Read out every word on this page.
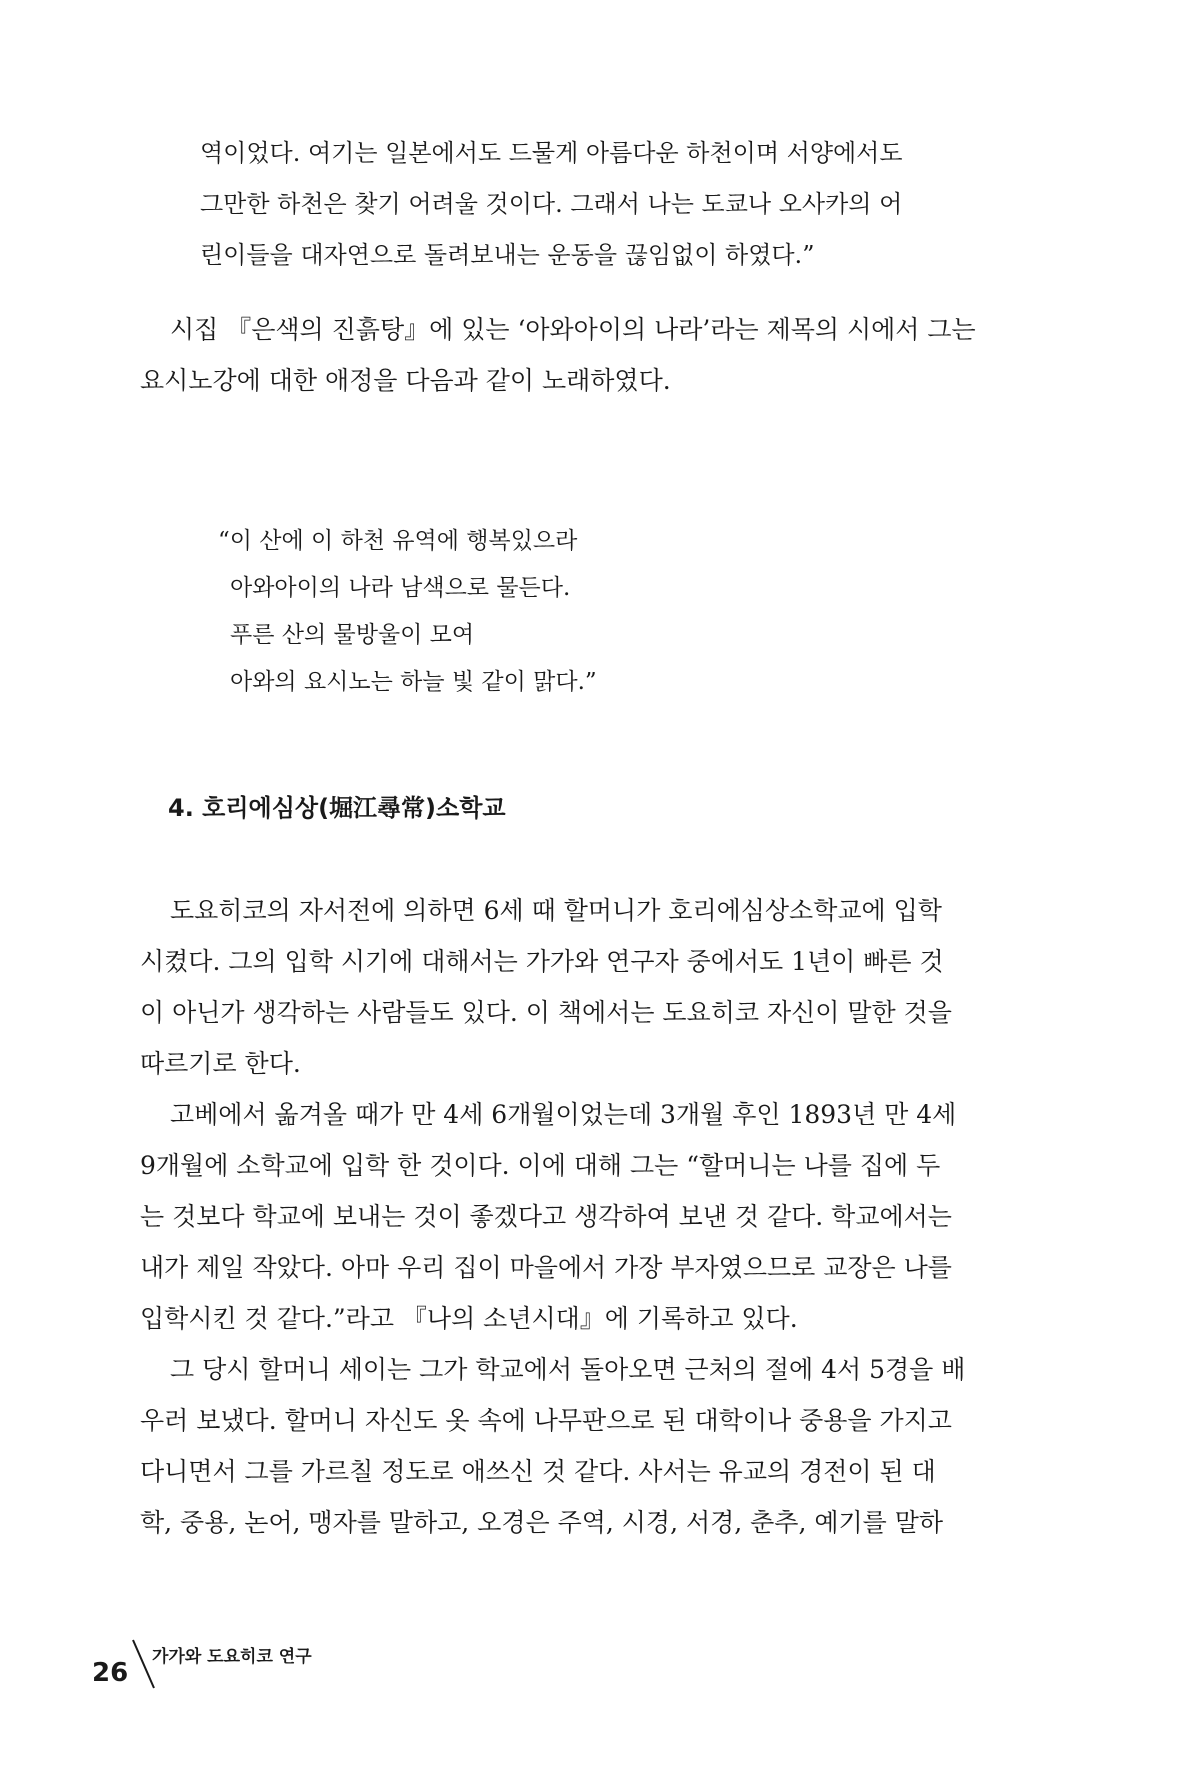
역이었다. 여기는 일본에서도 드물게 아름다운 하천이며 서양에서도
그만한 하천은 찾기 어려울 것이다. 그래서 나는 도쿄나 오사카의 어
린이들을 대자연으로 돌려보내는 운동을 끊임없이 하였다.”
시집 『은색의 진흙탕』에 있는 ‘아와아이의 나라’라는 제목의 시에서 그는
요시노강에 대한 애정을 다음과 같이 노래하였다.
“이 산에 이 하천 유역에 행복있으라
아와아이의 나라 남색으로 물든다.
푸른 산의 물방울이 모여
아와의 요시노는 하늘 빛 같이 맑다.”
4. 호리에심상(堀江尋常)소학교
도요히코의 자서전에 의하면 6세 때 할머니가 호리에심상소학교에 입학
시켰다. 그의 입학 시기에 대해서는 가가와 연구자 중에서도 1년이 빠른 것
이 아닌가 생각하는 사람들도 있다. 이 책에서는 도요히코 자신이 말한 것을
따르기로 한다.
고베에서 옮겨올 때가 만 4세 6개월이었는데 3개월 후인 1893년 만 4세
9개월에 소학교에 입학 한 것이다. 이에 대해 그는 “할머니는 나를 집에 두
는 것보다 학교에 보내는 것이 좋겠다고 생각하여 보낸 것 같다. 학교에서는
내가 제일 작았다. 아마 우리 집이 마을에서 가장 부자였으므로 교장은 나를
입학시킨 것 같다.”라고 『나의 소년시대』에 기록하고 있다.
그 당시 할머니 세이는 그가 학교에서 돌아오면 근처의 절에 4서 5경을 배
우러 보냈다. 할머니 자신도 옷 속에 나무판으로 된 대학이나 중용을 가지고
다니면서 그를 가르칠 정도로 애쓰신 것 같다. 사서는 유교의 경전이 된 대
학, 중용, 논어, 맹자를 말하고, 오경은 주역, 시경, 서경, 춘추, 예기를 말하
26
가가와 도요히코 연구
